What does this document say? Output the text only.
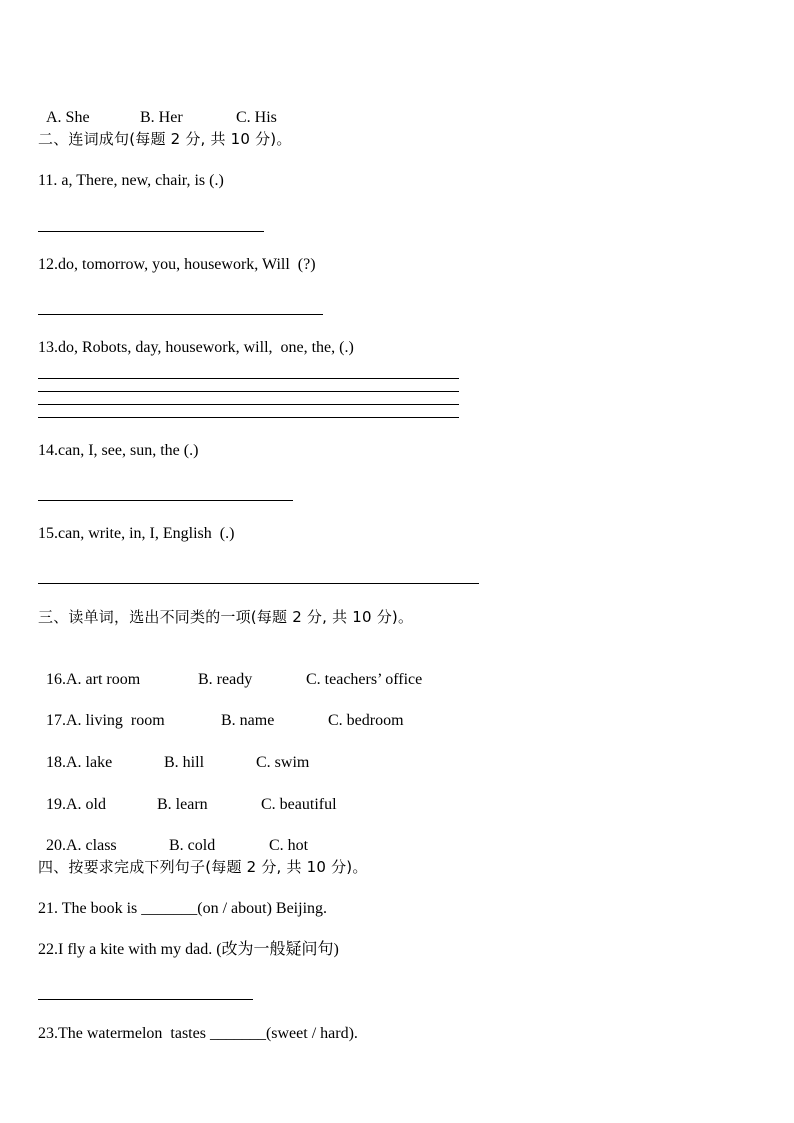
A. She	B. Her	C. His

二、连词成句(每题 2 分, 共 10 分)。
11. a, There, new, chair, is (.)
12.do, tomorrow, you, housework, Will  (?)
13.do, Robots, day, housework, will,  one, the, (.)
14.can, I, see, sun, the (.)
15.can, write, in, I, English  (.)
三、读单词，选出不同类的一项(每题 2 分, 共 10 分)。

16.A. art room	B. ready	C. teachers’ office

17.A. living  room	B. name	C. bedroom

18.A. lake	B. hill	C. swim

19.A. old	B. learn	C. beautiful

20.A. class	B. cold	C. hot

四、按要求完成下列句子(每题 2 分, 共 10 分)。
21. The book is _______(on / about) Beijing.
22.I fly a kite with my dad. (改为一般疑问句)
23.The watermelon  tastes _______(sweet / hard).
